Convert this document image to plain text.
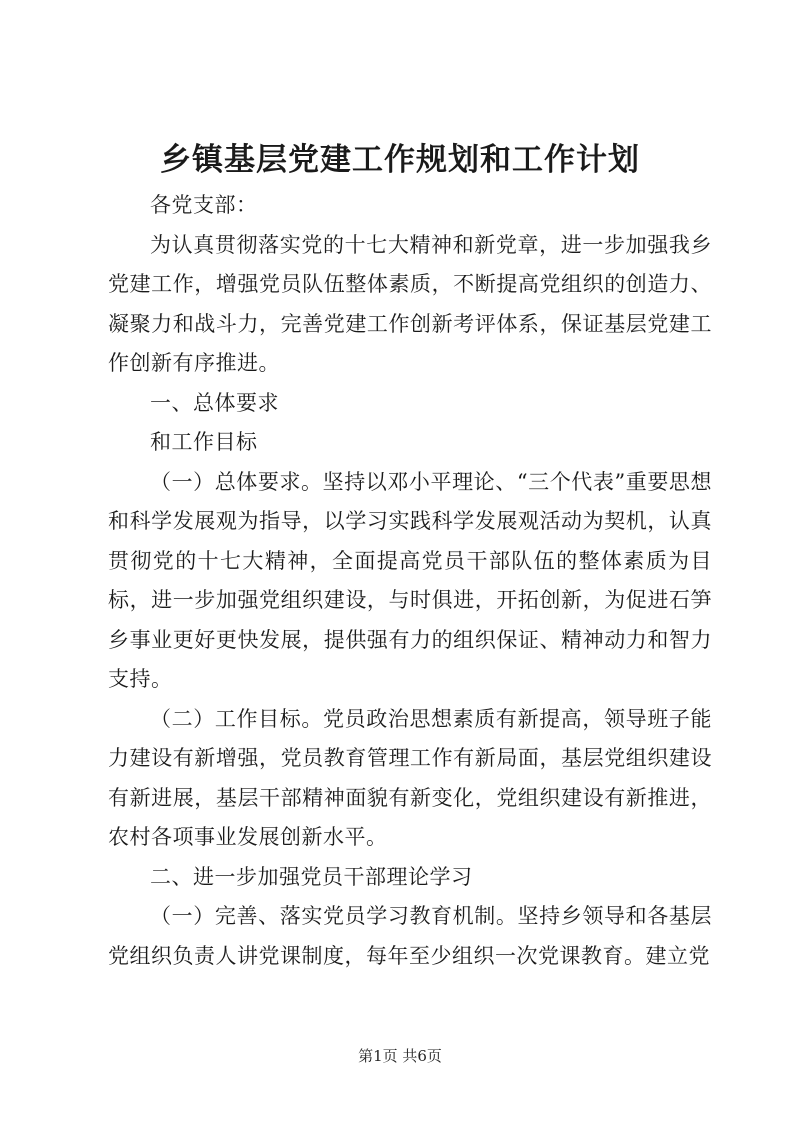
乡镇基层党建工作规划和工作计划

各党支部：

为认真贯彻落实党的十七大精神和新党章，进一步加强我乡党建工作，增强党员队伍整体素质，不断提高党组织的创造力、凝聚力和战斗力，完善党建工作创新考评体系，保证基层党建工作创新有序推进。

一、总体要求

和工作目标

（一）总体要求。坚持以邓小平理论、“三个代表”重要思想和科学发展观为指导，以学习实践科学发展观活动为契机，认真贯彻党的十七大精神，全面提高党员干部队伍的整体素质为目标，进一步加强党组织建设，与时俱进，开拓创新，为促进石笋乡事业更好更快发展，提供强有力的组织保证、精神动力和智力支持。

（二）工作目标。党员政治思想素质有新提高，领导班子能力建设有新增强，党员教育管理工作有新局面，基层党组织建设有新进展，基层干部精神面貌有新变化，党组织建设有新推进，农村各项事业发展创新水平。

二、进一步加强党员干部理论学习

（一）完善、落实党员学习教育机制。坚持乡领导和各基层党组织负责人讲党课制度，每年至少组织一次党课教育。建立党

第1页 共6页
